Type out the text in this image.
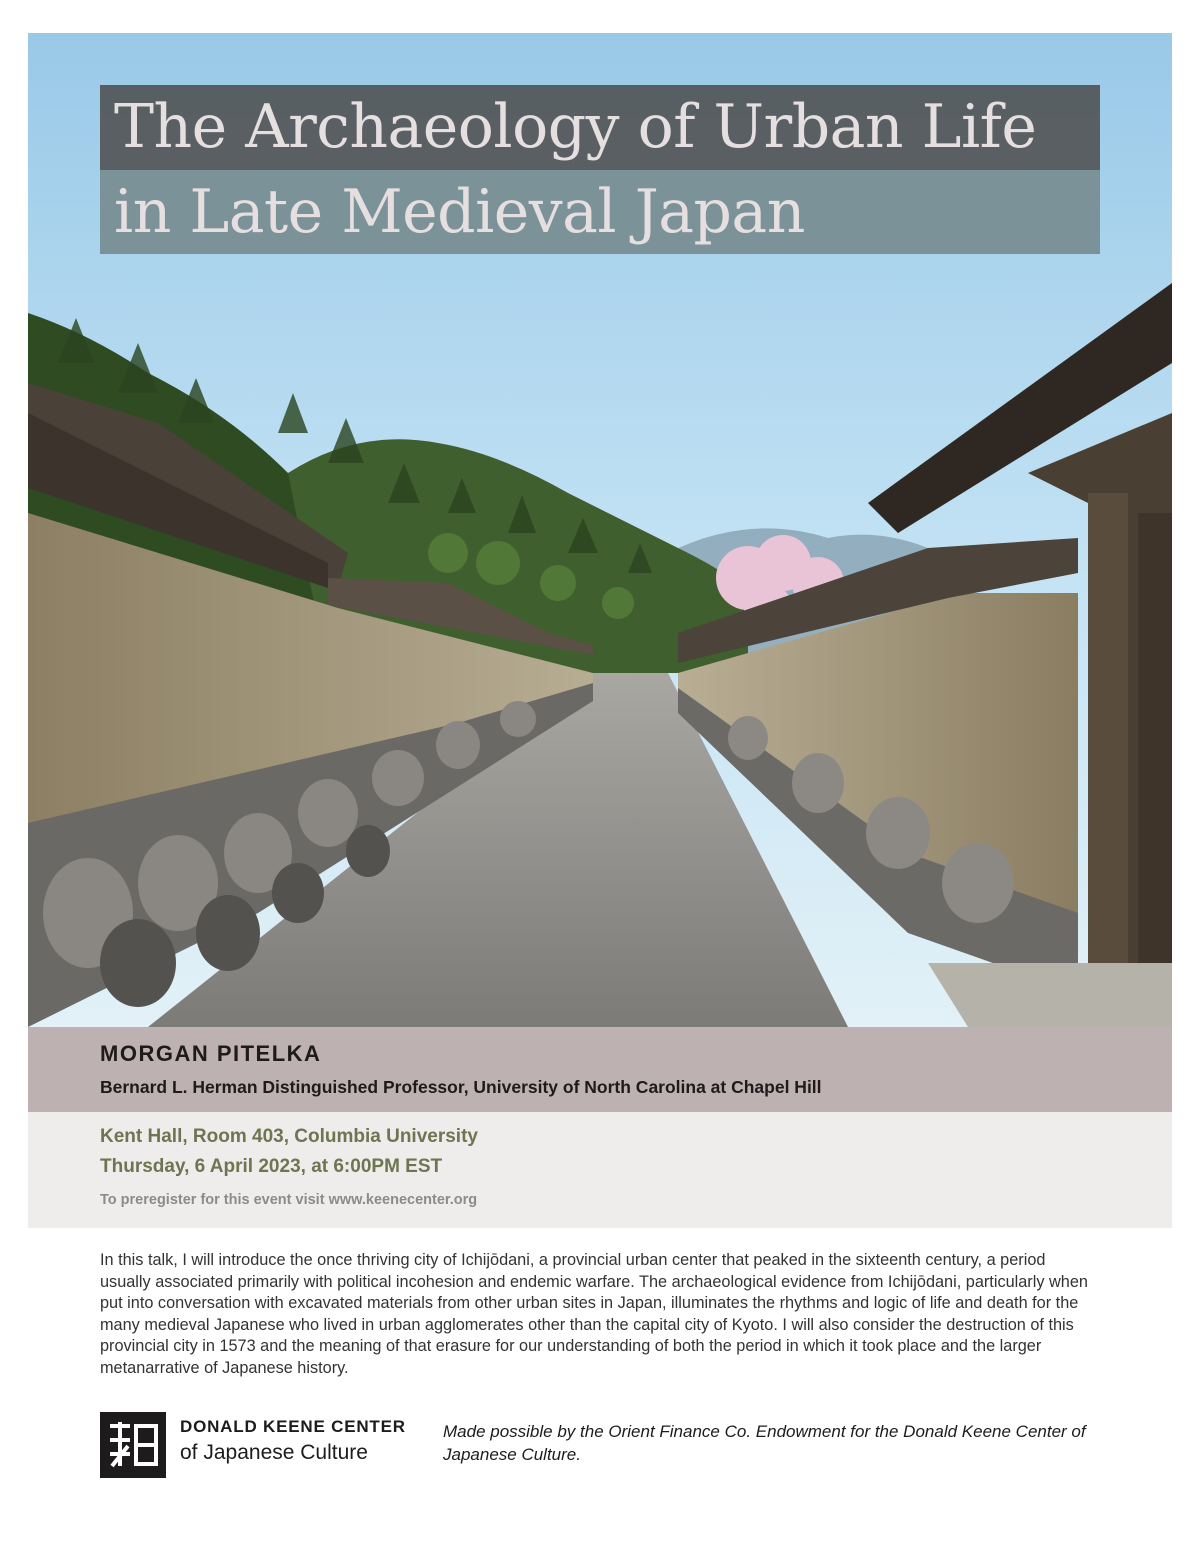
The Archaeology of Urban Life
in Late Medieval Japan
MORGAN PITELKA
Bernard L. Herman Distinguished Professor, University of North Carolina at Chapel Hill
Kent Hall, Room 403, Columbia University
Thursday, 6 April 2023, at 6:00PM EST
To preregister for this event visit www.keenecenter.org
In this talk, I will introduce the once thriving city of Ichijōdani, a provincial urban center that peaked in the sixteenth century, a period usually associated primarily with political incohesion and endemic warfare. The archaeological evidence from Ichijōdani, particularly when put into conversation with excavated materials from other urban sites in Japan, illuminates the rhythms and logic of life and death for the many medieval Japanese who lived in urban agglomerates other than the capital city of Kyoto. I will also consider the destruction of this provincial city in 1573 and the meaning of that erasure for our understanding of both the period in which it took place and the larger metanarrative of Japanese history.
DONALD KEENE CENTER
of Japanese Culture
Made possible by the Orient Finance Co. Endowment for the Donald Keene Center of Japanese Culture.
